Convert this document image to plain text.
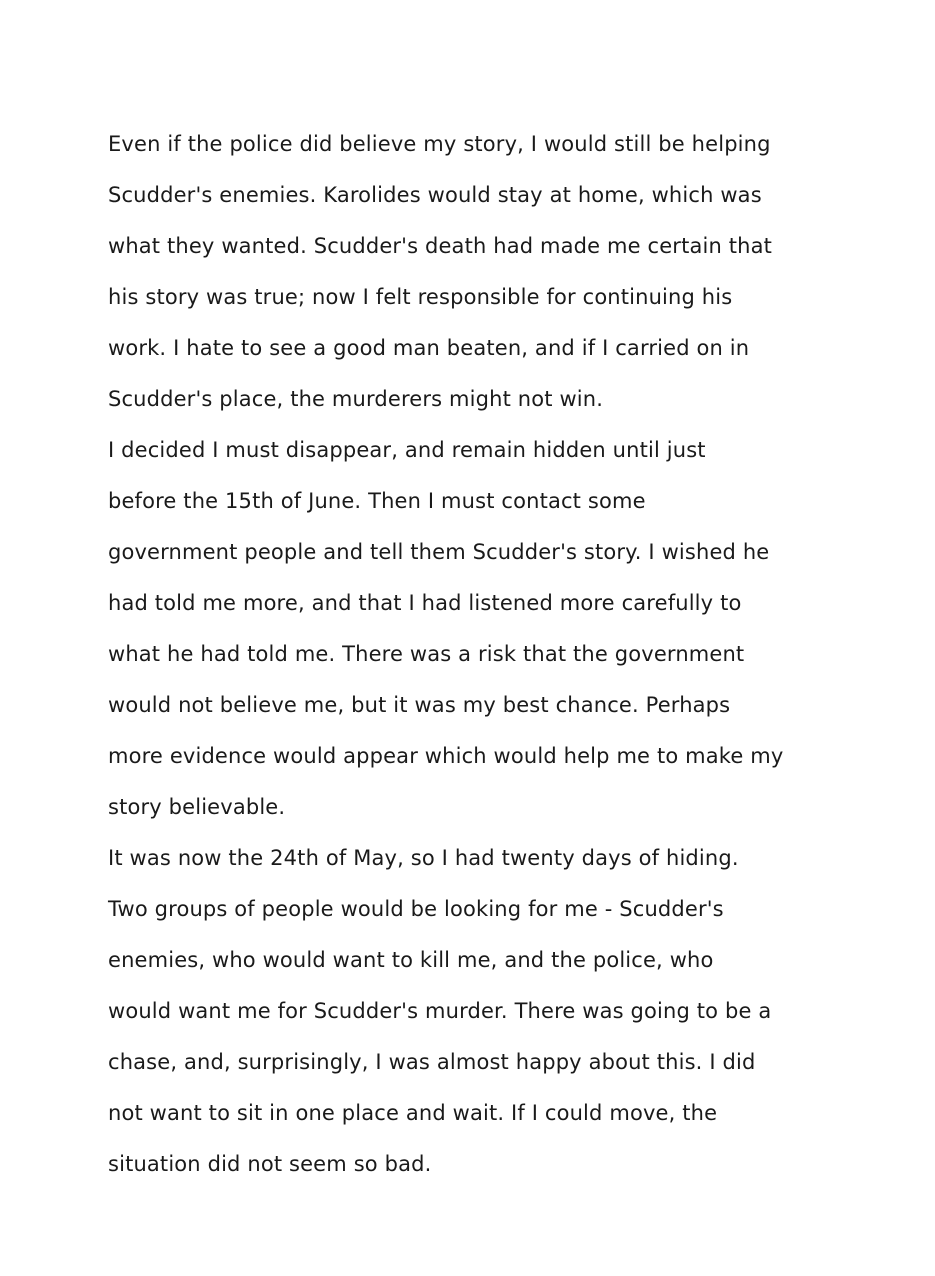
Even if the police did believe my story, I would still be helping
Scudder's enemies. Karolides would stay at home, which was
what they wanted. Scudder's death had made me certain that
his story was true; now I felt responsible for continuing his
work. I hate to see a good man beaten, and if I carried on in
Scudder's place, the murderers might not win.
I decided I must disappear, and remain hidden until just
before the 15th of June. Then I must contact some
government people and tell them Scudder's story. I wished he
had told me more, and that I had listened more carefully to
what he had told me. There was a risk that the government
would not believe me, but it was my best chance. Perhaps
more evidence would appear which would help me to make my
story believable.
It was now the 24th of May, so I had twenty days of hiding.
Two groups of people would be looking for me - Scudder's
enemies, who would want to kill me, and the police, who
would want me for Scudder's murder. There was going to be a
chase, and, surprisingly, I was almost happy about this. I did
not want to sit in one place and wait. If I could move, the
situation did not seem so bad.
